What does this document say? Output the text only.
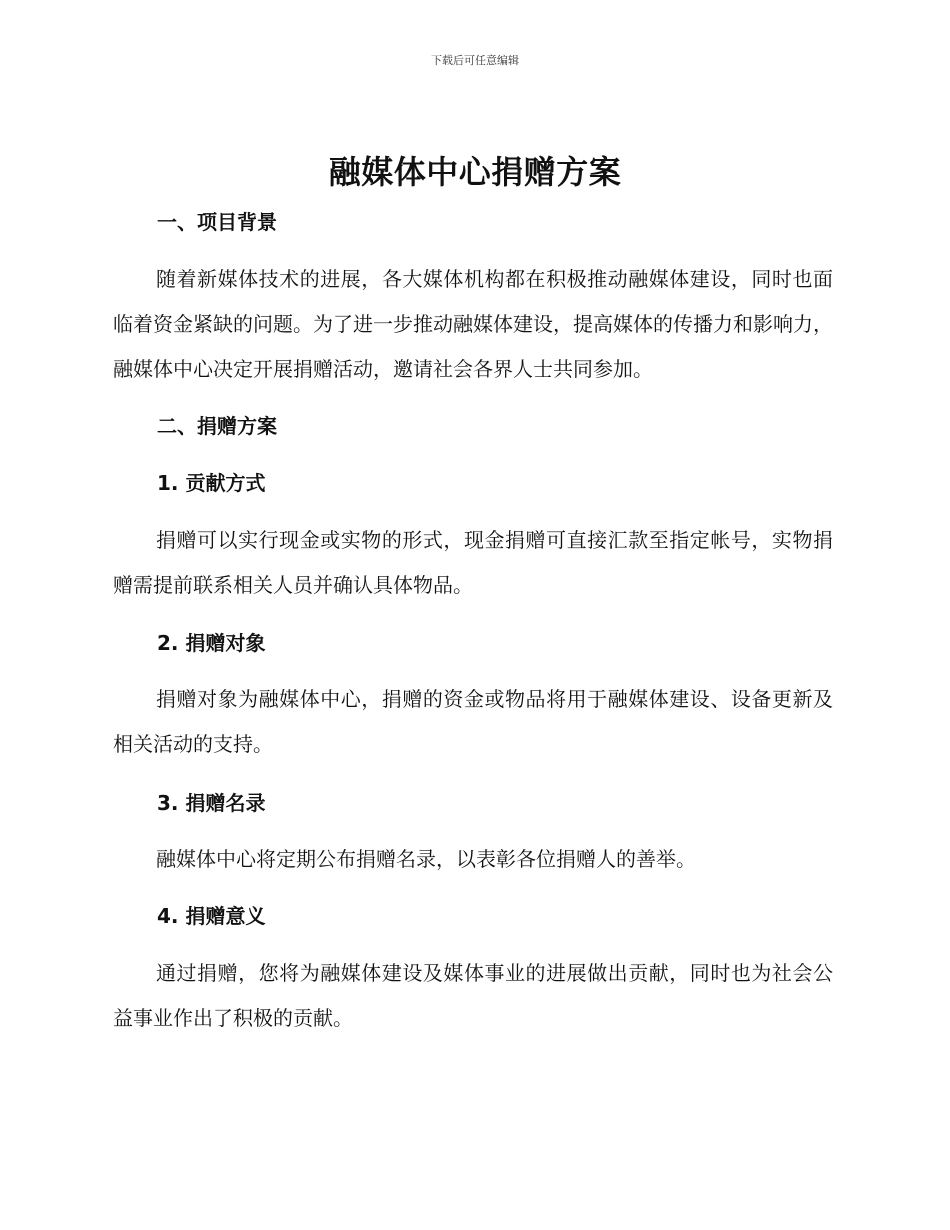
下载后可任意编辑
融媒体中心捐赠方案
一、项目背景

随着新媒体技术的进展，各大媒体机构都在积极推动融媒体建设，同时也面临着资金紧缺的问题。为了进一步推动融媒体建设，提高媒体的传播力和影响力，融媒体中心决定开展捐赠活动，邀请社会各界人士共同参加。

二、捐赠方案
1. 贡献方式

捐赠可以实行现金或实物的形式，现金捐赠可直接汇款至指定帐号，实物捐赠需提前联系相关人员并确认具体物品。

2. 捐赠对象

捐赠对象为融媒体中心，捐赠的资金或物品将用于融媒体建设、设备更新及相关活动的支持。

3. 捐赠名录

融媒体中心将定期公布捐赠名录，以表彰各位捐赠人的善举。

4. 捐赠意义

通过捐赠，您将为融媒体建设及媒体事业的进展做出贡献，同时也为社会公益事业作出了积极的贡献。
